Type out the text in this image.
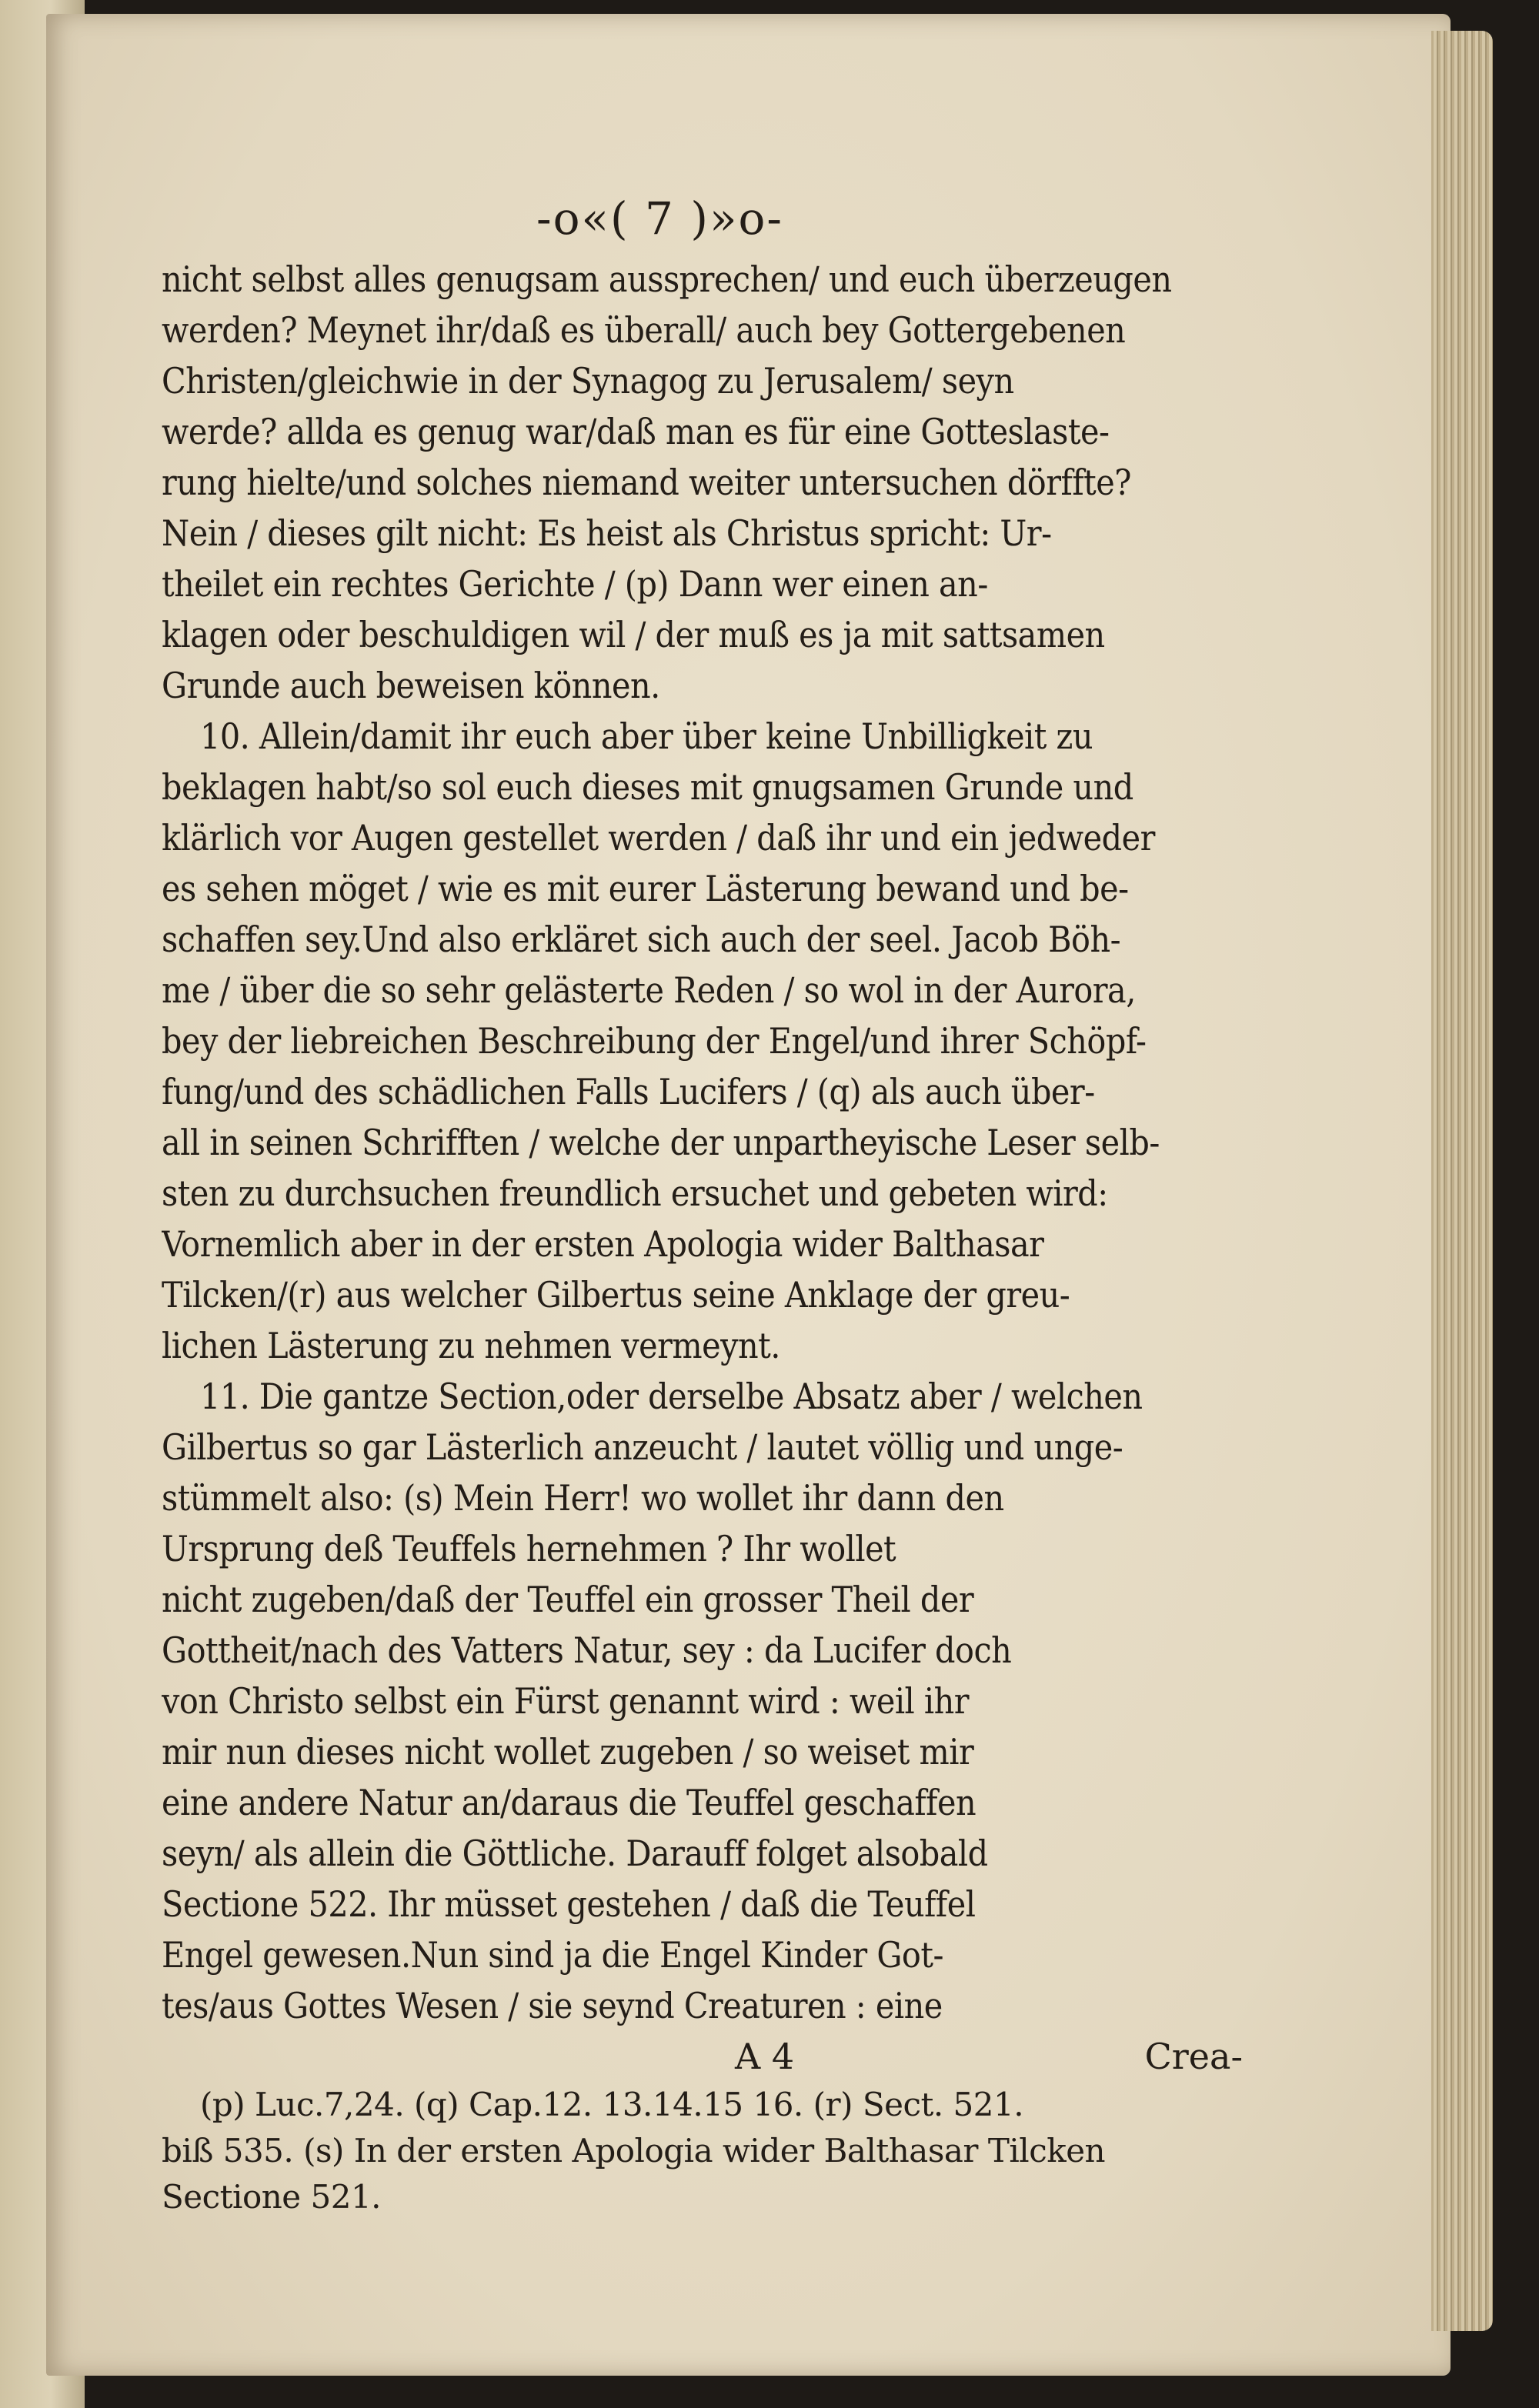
-ο«( 7 )»ο-
nicht selbst alles genugsam aussprechen/ und euch überzeugen
werden? Meynet ihr/daß es überall/ auch bey Gottergebenen
Christen/gleichwie in der Synagog zu Jerusalem/ seyn
werde? allda es genug war/daß man es für eine Gotteslaste-
rung hielte/und solches niemand weiter untersuchen dörffte?
Nein / dieses gilt nicht: Es heist als Christus spricht: Ur-
theilet ein rechtes Gerichte / (p) Dann wer einen an-
klagen oder beschuldigen wil / der muß es ja mit sattsamen
Grunde auch beweisen können.
10. Allein/damit ihr euch aber über keine Unbilligkeit zu
beklagen habt/so sol euch dieses mit gnugsamen Grunde und
klärlich vor Augen gestellet werden / daß ihr und ein jedweder
es sehen möget / wie es mit eurer Lästerung bewand und be-
schaffen sey.Und also erkläret sich auch der seel. Jacob Böh-
me / über die so sehr gelästerte Reden / so wol in der Aurora,
bey der liebreichen Beschreibung der Engel/und ihrer Schöpf-
fung/und des schädlichen Falls Lucifers / (q) als auch über-
all in seinen Schrifften / welche der unpartheyische Leser selb-
sten zu durchsuchen freundlich ersuchet und gebeten wird:
Vornemlich aber in der ersten Apologia wider Balthasar
Tilcken/(r) aus welcher Gilbertus seine Anklage der greu-
lichen Lästerung zu nehmen vermeynt.
11. Die gantze Section,oder derselbe Absatz aber / welchen
Gilbertus so gar Lästerlich anzeucht / lautet völlig und unge-
stümmelt also: (s) Mein Herr! wo wollet ihr dann den
Ursprung deß Teuffels hernehmen ? Ihr wollet
nicht zugeben/daß der Teuffel ein grosser Theil der
Gottheit/nach des Vatters Natur, sey : da Lucifer doch
von Christo selbst ein Fürst genannt wird : weil ihr
mir nun dieses nicht wollet zugeben / so weiset mir
eine andere Natur an/daraus die Teuffel geschaffen
seyn/ als allein die Göttliche. Darauff folget alsobald
Sectione 522. Ihr müsset gestehen / daß die Teuffel
Engel gewesen.Nun sind ja die Engel Kinder Got-
tes/aus Gottes Wesen / sie seynd Creaturen : eine
A 4	Crea-
(p) Luc.7,24. (q) Cap.12. 13.14.15 16. (r) Sect. 521.
biß 535. (s) In der ersten Apologia wider Balthasar Tilcken
Sectione 521.
